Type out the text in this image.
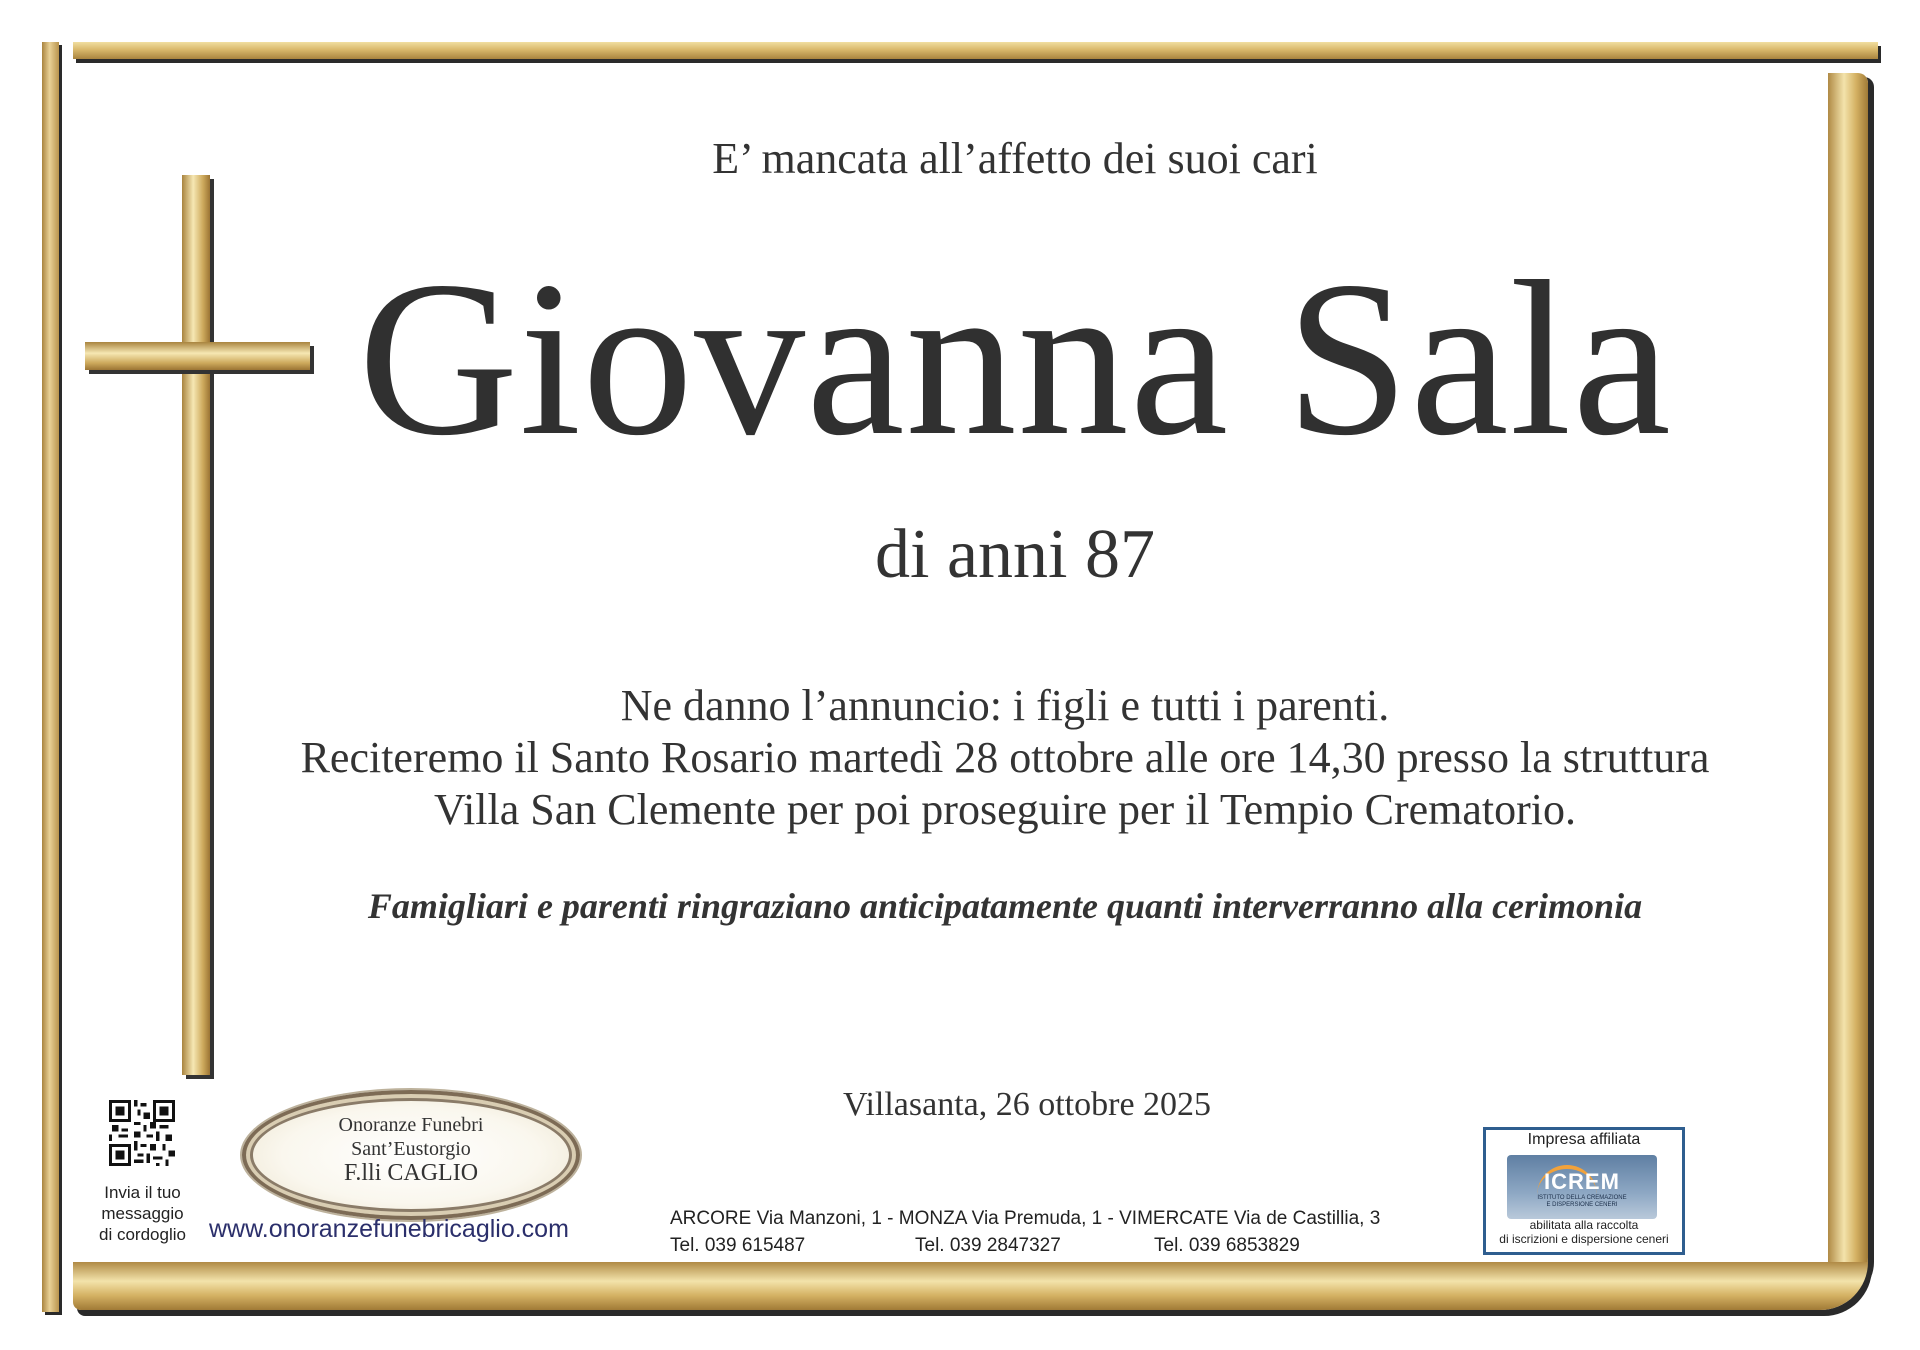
E’ mancata all’affetto dei suoi cari
Giovanna Sala
di anni 87
Ne danno l’annuncio: i figli e tutti i parenti.
Reciteremo il Santo Rosario martedì 28 ottobre alle ore 14,30 presso la struttura
Villa San Clemente per poi proseguire per il Tempio Crematorio.
Famigliari e parenti ringraziano anticipatamente quanti interverranno alla cerimonia
Villasanta, 26 ottobre 2025
Invia il tuo
messaggio
di cordoglio
Onoranze Funebri
Sant’Eustorgio
F.lli CAGLIO
www.onoranzefunebricaglio.com	ARCORE Via Manzoni, 1 - MONZA Via Premuda, 1 - VIMERCATE Via de Castillia, 3
Tel. 039 615487	Tel. 039 2847327	Tel. 039 6853829
Impresa affiliata
ICREM
ISTITUTO DELLA CREMAZIONE
E DISPERSIONE CENERI
abilitata alla raccolta
di iscrizioni e dispersione ceneri
